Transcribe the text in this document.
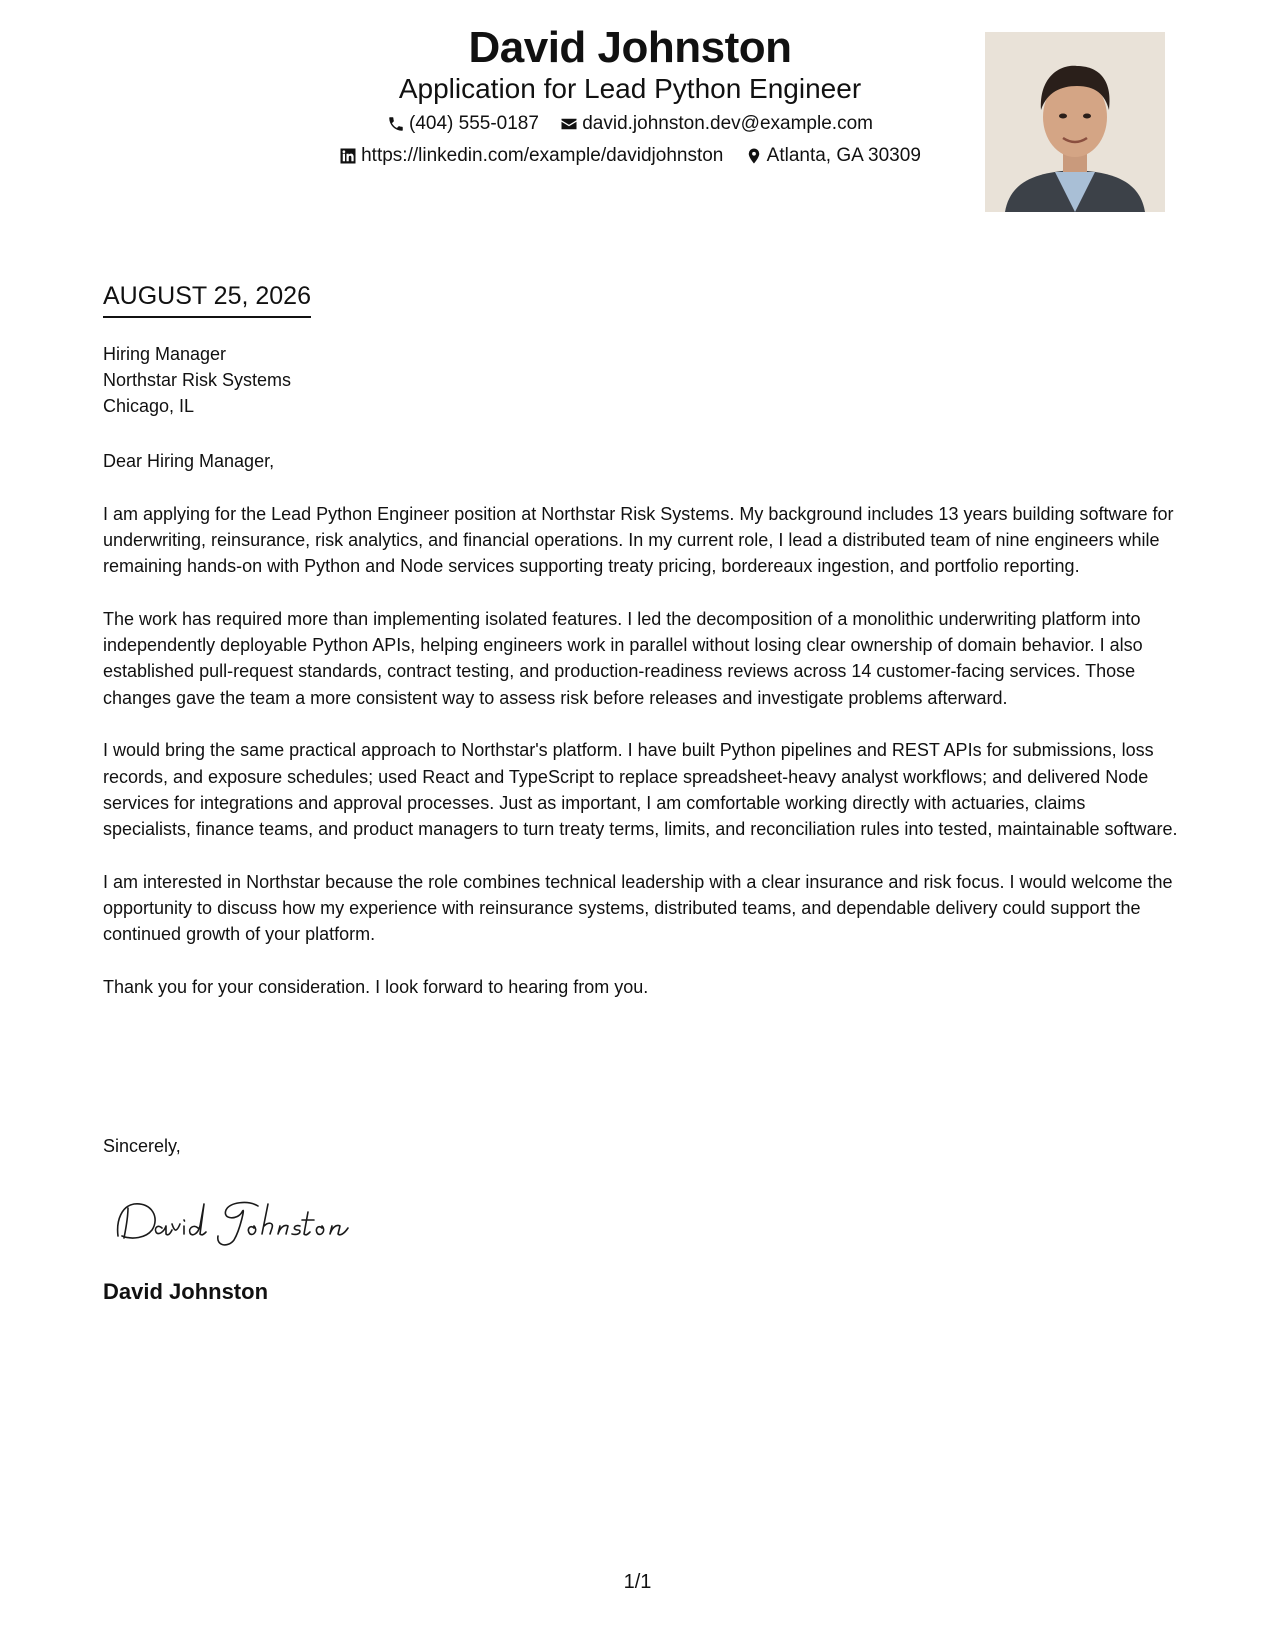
David Johnston
Application for Lead Python Engineer
(404) 555-0187
david.johnston.dev@example.com
https://linkedin.com/example/davidjohnston
Atlanta, GA 30309
AUGUST 25, 2026
Hiring Manager
Northstar Risk Systems
Chicago, IL

Dear Hiring Manager,

I am applying for the Lead Python Engineer position at Northstar Risk Systems. My background includes 13 years building software for underwriting, reinsurance, risk analytics, and financial operations. In my current role, I lead a distributed team of nine engineers while remaining hands-on with Python and Node services supporting treaty pricing, bordereaux ingestion, and portfolio reporting.

The work has required more than implementing isolated features. I led the decomposition of a monolithic underwriting platform into independently deployable Python APIs, helping engineers work in parallel without losing clear ownership of domain behavior. I also established pull-request standards, contract testing, and production-readiness reviews across 14 customer-facing services. Those changes gave the team a more consistent way to assess risk before releases and investigate problems afterward.

I would bring the same practical approach to Northstar's platform. I have built Python pipelines and REST APIs for submissions, loss records, and exposure schedules; used React and TypeScript to replace spreadsheet-heavy analyst workflows; and delivered Node services for integrations and approval processes. Just as important, I am comfortable working directly with actuaries, claims specialists, finance teams, and product managers to turn treaty terms, limits, and reconciliation rules into tested, maintainable software.

I am interested in Northstar because the role combines technical leadership with a clear insurance and risk focus. I would welcome the opportunity to discuss how my experience with reinsurance systems, distributed teams, and dependable delivery could support the continued growth of your platform.

Thank you for your consideration. I look forward to hearing from you.

Sincerely,
David Johnston
1/1
